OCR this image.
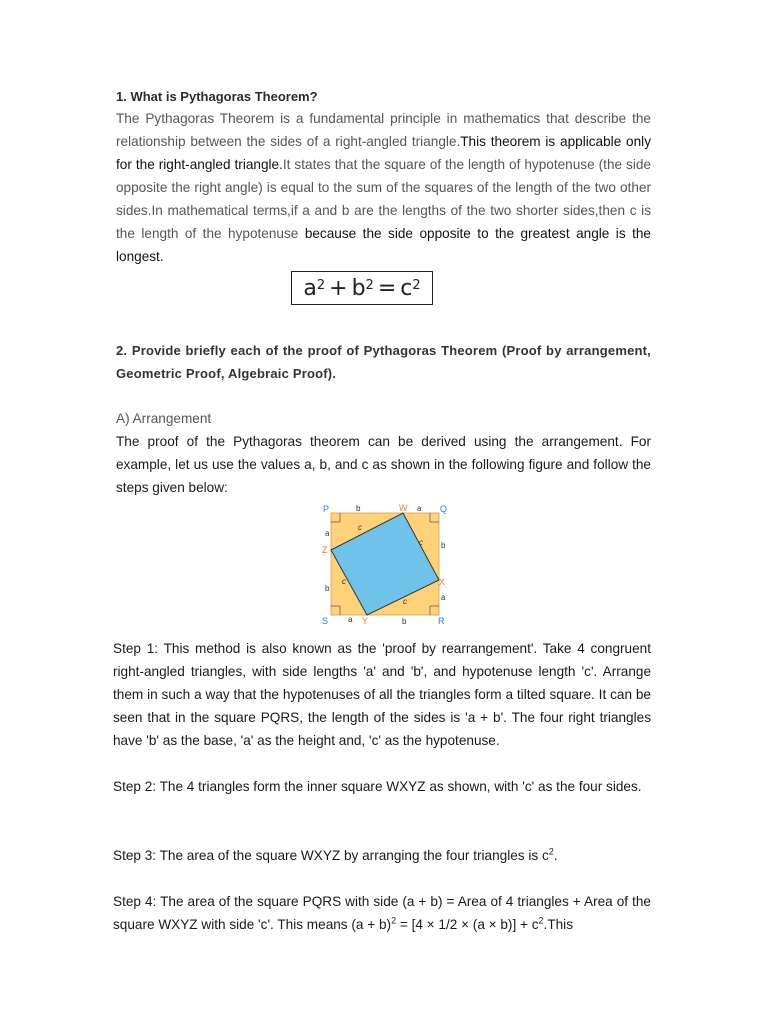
1. What is Pythagoras Theorem?
The Pythagoras Theorem is a fundamental principle in mathematics that describe the relationship between the sides of a right-angled triangle.This theorem is applicable only for the right-angled triangle.It states that the square of the length of hypotenuse (the side opposite the right angle) is equal to the sum of the squares of the length of the two other sides.In mathematical terms,if a and b are the lengths of the two shorter sides,then c is the length of the hypotenuse because the side opposite to the greatest angle is the longest.
$a^2 + b^2 = c^2$
2. Provide briefly each of the proof of Pythagoras Theorem (Proof by arrangement, Geometric Proof, Algebraic Proof).
A) Arrangement
The proof of the Pythagoras theorem can be derived using the arrangement. For example, let us use the values a, b, and c as shown in the following figure and follow the steps given below:
P	Q
R
S
W
X
Y
Z
b	a
a
b
b
a
a	b
c
c
c
c
Step 1: This method is also known as the 'proof by rearrangement'. Take 4 congruent right-angled triangles, with side lengths 'a' and 'b', and hypotenuse length 'c'. Arrange them in such a way that the hypotenuses of all the triangles form a tilted square. It can be seen that in the square PQRS, the length of the sides is 'a + b'. The four right triangles have 'b' as the base, 'a' as the height and, 'c' as the hypotenuse.
Step 2: The 4 triangles form the inner square WXYZ as shown, with 'c' as the four sides.
Step 3: The area of the square WXYZ by arranging the four triangles is $c^2$.
Step 4: The area of the square PQRS with side (a + b) = Area of 4 triangles + Area of the square WXYZ with side 'c'. This means $(a + b)^2 = [4 \times 1/2 \times (a \times b)]$ + $c^2.This$
